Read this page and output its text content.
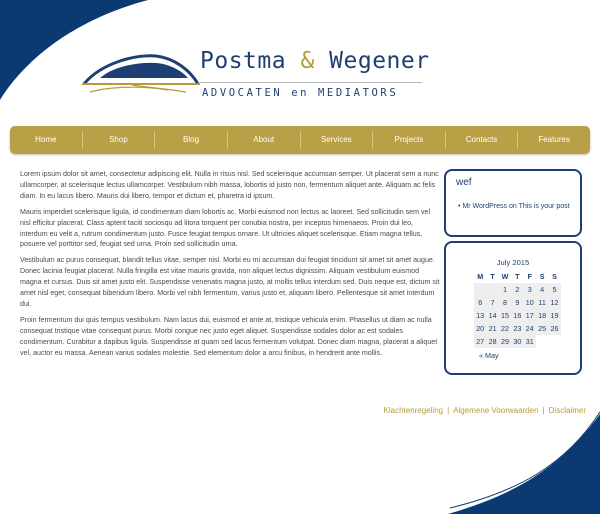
Postma & Wegener
ADVOCATEN en MEDIATORS
Home	Shop	Blog	About	Services	Projects	Contacts	Features

Lorem ipsum dolor sit amet, consectetur adipiscing elit. Nulla in risus nisl. Sed scelerisque accumsan semper. Ut placerat sem a nunc ullamcorper, at scelerisque lectus ullamcorper. Vestibulum nibh massa, lobortis id justo non, fermentum aliquet ante. Aliquam ac felis diam. In eu lacus libero. Mauris dui libero, tempor et dictum et, pharetra id ipsum.

Mauris imperdiet scelerisque ligula, id condimentum diam lobortis ac. Morbi euismod non lectus ac laoreet. Sed sollicitudin sem vel nisl efficitur placerat. Class aptent taciti sociosqu ad litora torquent per conubia nostra, per inceptos himenaeos. Proin dui leo, interdum eu velit a, rutrum condimentum justo. Fusce feugiat tempus ornare. Ut ultricies aliquet scelerisque. Etiam magna tellus, posuere vel porttitor sed, feugiat sed urna. Proin sed sollicitudin urna.

Vestibulum ac purus consequat, blandit tellus vitae, semper nisl. Morbi eu mi accumsan dui feugiat tincidunt sit amet sit amet augue. Donec lacinia feugiat placerat. Nulla fringilla est vitae mauris gravida, non aliquet lectus dignissim. Aliquam vestibulum euismod magna et cursus. Duis sit amet justo elit. Suspendisse venenatis magna justo, at mollis tellus interdum sed. Duis neque est, dictum sit amet nisl eget, consequat bibendum libero. Morbi vel nibh fermentum, varius justo et, aliquam libero. Pellentesque sit amet interdum dui.

Proin fermentum dui quis tempus vestibulum. Nam lacus dui, euismod et ante at, tristique vehicula enim. Phasellus ut diam ac nulla consequat tristique vitae consequat purus. Morbi congue nec justo eget aliquet. Suspendisse sodales dolor ac est sodales condimentum. Curabitur a dapibus ligula. Suspendisse at quam sed lacus fermentum volutpat. Donec diam magna, placerat a aliquet vel, auctor eu massa. Aenean varius sodales molestie. Sed elementum dolor a arcu finibus, in hendrerit ante mollis.

wef
• Mr WordPress on This is your post
July 2015
M	T	W	T	F	S	S
		1	2	3	4	5
6	7	8	9	10	11	12
13	14	15	16	17	18	19
20	21	22	23	24	25	26
27	28	29	30	31		
« May
Klachtenregeling | Algemene Voorwaarden | Disclaimer
